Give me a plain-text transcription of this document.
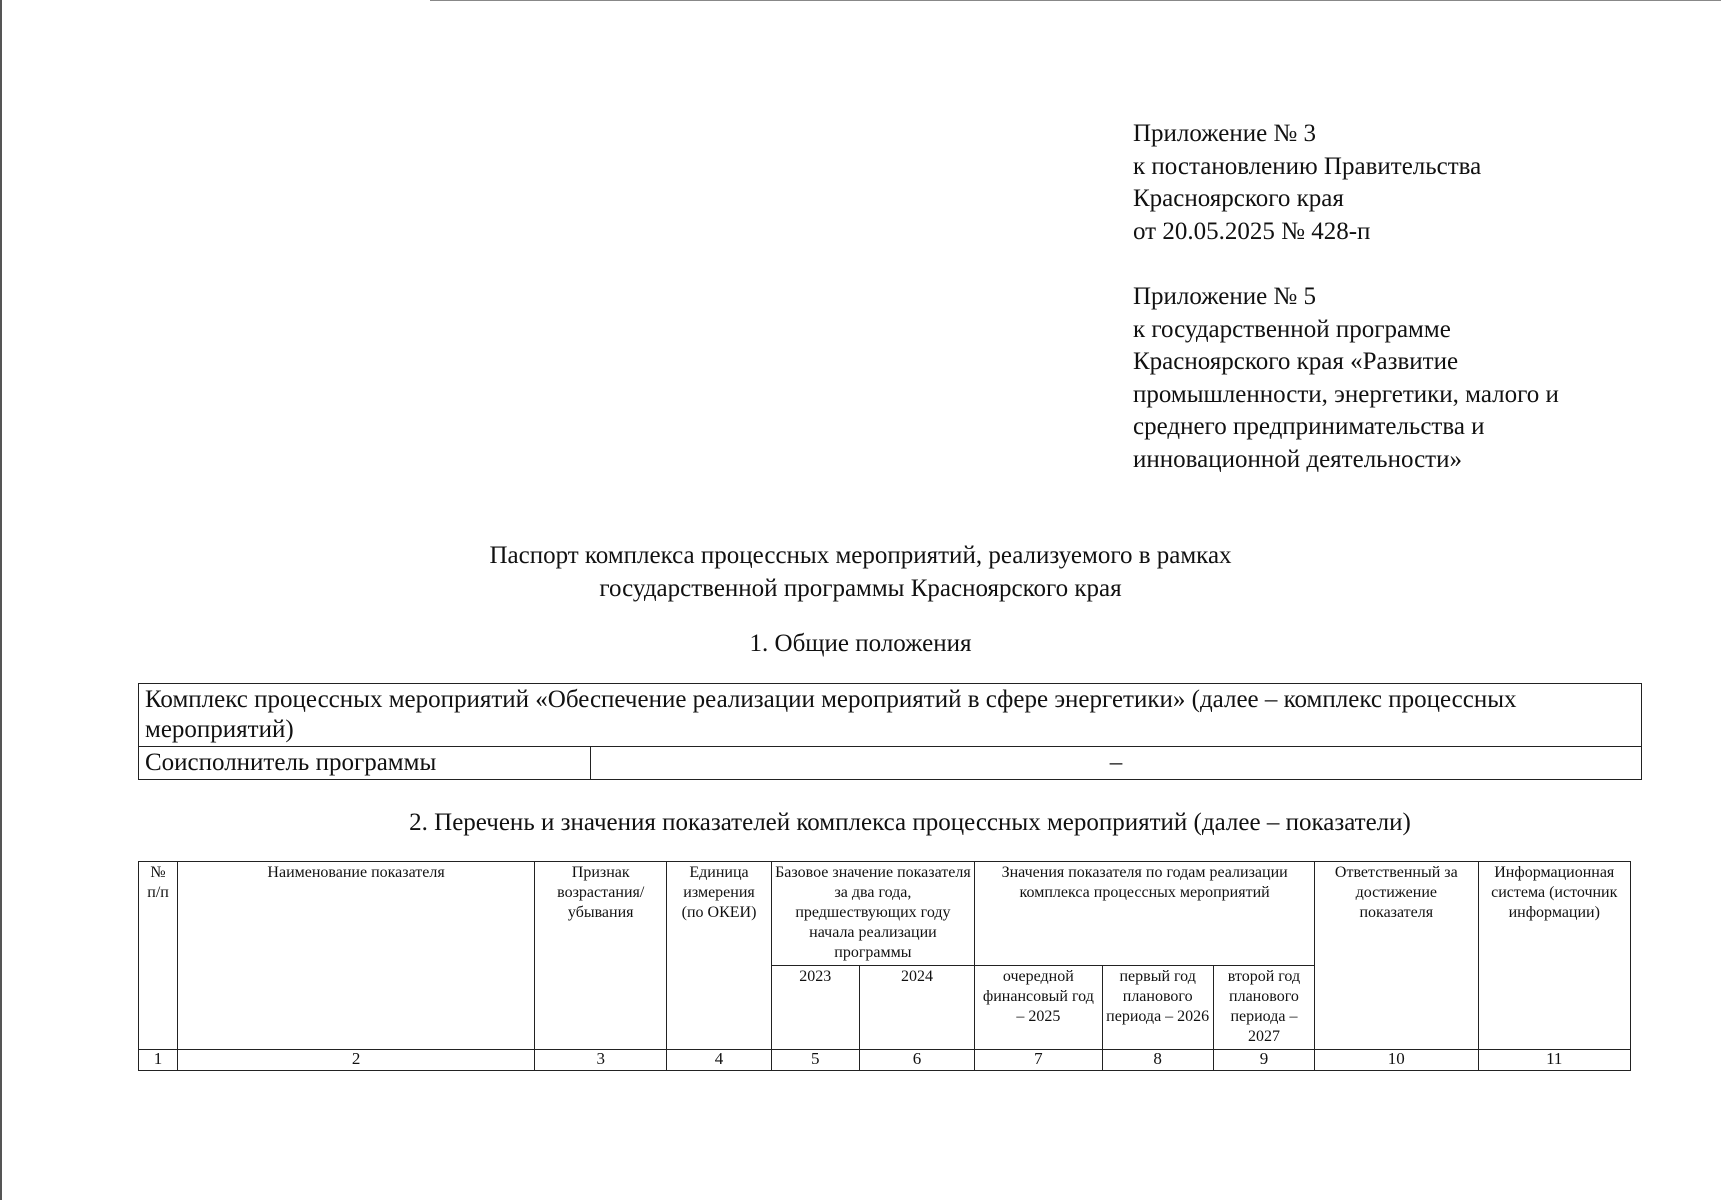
Приложение № 3
к постановлению Правительства
Красноярского края
от 20.05.2025 № 428-п
Приложение № 5
к государственной программе
Красноярского края «Развитие
промышленности, энергетики, малого и
среднего предпринимательства и
инновационной деятельности»
Паспорт комплекса процессных мероприятий, реализуемого в рамках
государственной программы Красноярского края
1. Общие положения
Комплекс процессных мероприятий «Обеспечение реализации мероприятий в сфере энергетики» (далее – комплекс процессных мероприятий)
Соисполнитель программы	–
2. Перечень и значения показателей комплекса процессных мероприятий (далее – показатели)
№ п/п	Наименование показателя	Признак возрастания/ убывания	Единица измерения (по ОКЕИ)	Базовое значение показателя за два года, предшествующих году начала реализации программы		Значения показателя по годам реализации комплекса процессных мероприятий			Ответственный за достижение показателя	Информационная система (источник информации)
				2023	2024	очередной финансовый год – 2025	первый год планового периода – 2026	второй год планового периода – 2027		
1	2	3	4	5	6	7	8	9	10	11
